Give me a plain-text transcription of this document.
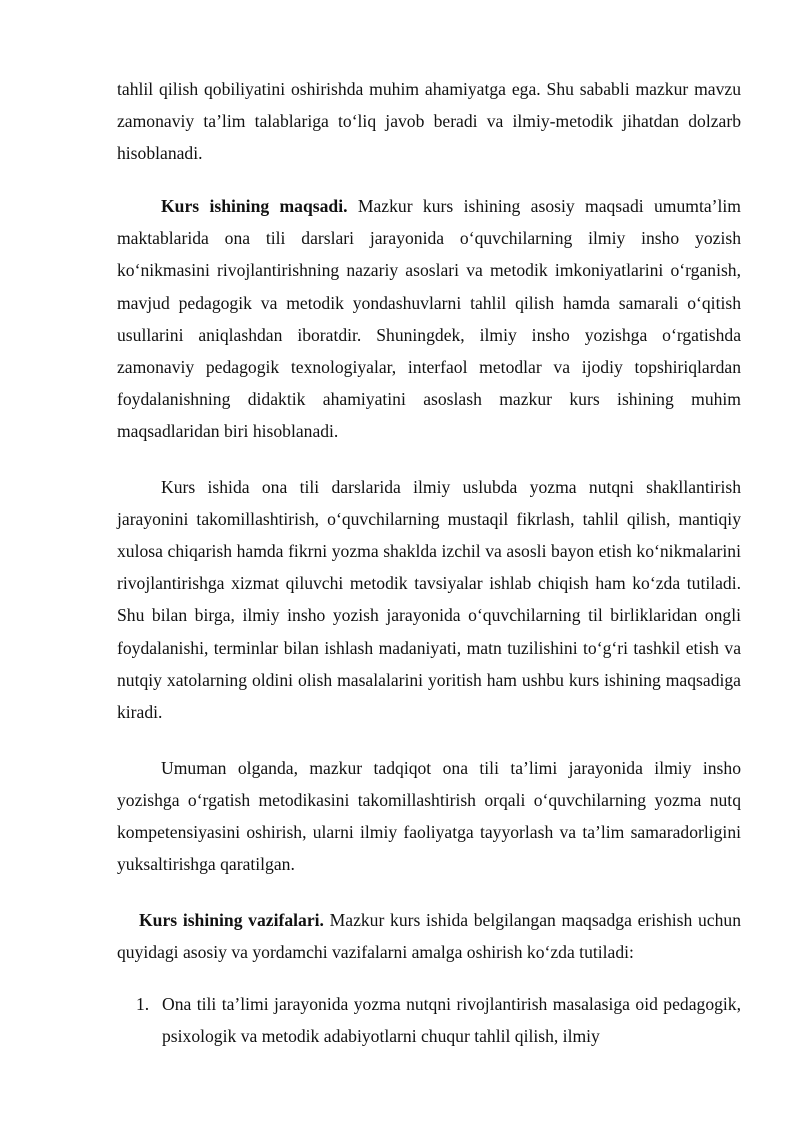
tahlil qilish qobiliyatini oshirishda muhim ahamiyatga ega. Shu sababli mazkur mavzu zamonaviy ta’lim talablariga to‘liq javob beradi va ilmiy-metodik jihatdan dolzarb hisoblanadi.

Kurs ishining maqsadi. Mazkur kurs ishining asosiy maqsadi umumta’lim maktablarida ona tili darslari jarayonida o‘quvchilarning ilmiy insho yozish ko‘nikmasini rivojlantirishning nazariy asoslari va metodik imkoniyatlarini o‘rganish, mavjud pedagogik va metodik yondashuvlarni tahlil qilish hamda samarali o‘qitish usullarini aniqlashdan iboratdir. Shuningdek, ilmiy insho yozishga o‘rgatishda zamonaviy pedagogik texnologiyalar, interfaol metodlar va ijodiy topshiriqlardan foydalanishning didaktik ahamiyatini asoslash mazkur kurs ishining muhim maqsadlaridan biri hisoblanadi.

Kurs ishida ona tili darslarida ilmiy uslubda yozma nutqni shakllantirish jarayonini takomillashtirish, o‘quvchilarning mustaqil fikrlash, tahlil qilish, mantiqiy xulosa chiqarish hamda fikrni yozma shaklda izchil va asosli bayon etish ko‘nikmalarini rivojlantirishga xizmat qiluvchi metodik tavsiyalar ishlab chiqish ham ko‘zda tutiladi. Shu bilan birga, ilmiy insho yozish jarayonida o‘quvchilarning til birliklaridan ongli foydalanishi, terminlar bilan ishlash madaniyati, matn tuzilishini to‘g‘ri tashkil etish va nutqiy xatolarning oldini olish masalalarini yoritish ham ushbu kurs ishining maqsadiga kiradi.

Umuman olganda, mazkur tadqiqot ona tili ta’limi jarayonida ilmiy insho yozishga o‘rgatish metodikasini takomillashtirish orqali o‘quvchilarning yozma nutq kompetensiyasini oshirish, ularni ilmiy faoliyatga tayyorlash va ta’lim samaradorligini yuksaltirishga qaratilgan.

Kurs ishining vazifalari. Mazkur kurs ishida belgilangan maqsadga erishish uchun quyidagi asosiy va yordamchi vazifalarni amalga oshirish ko‘zda tutiladi:

1. Ona tili ta’limi jarayonida yozma nutqni rivojlantirish masalasiga oid pedagogik, psixologik va metodik adabiyotlarni chuqur tahlil qilish, ilmiy
